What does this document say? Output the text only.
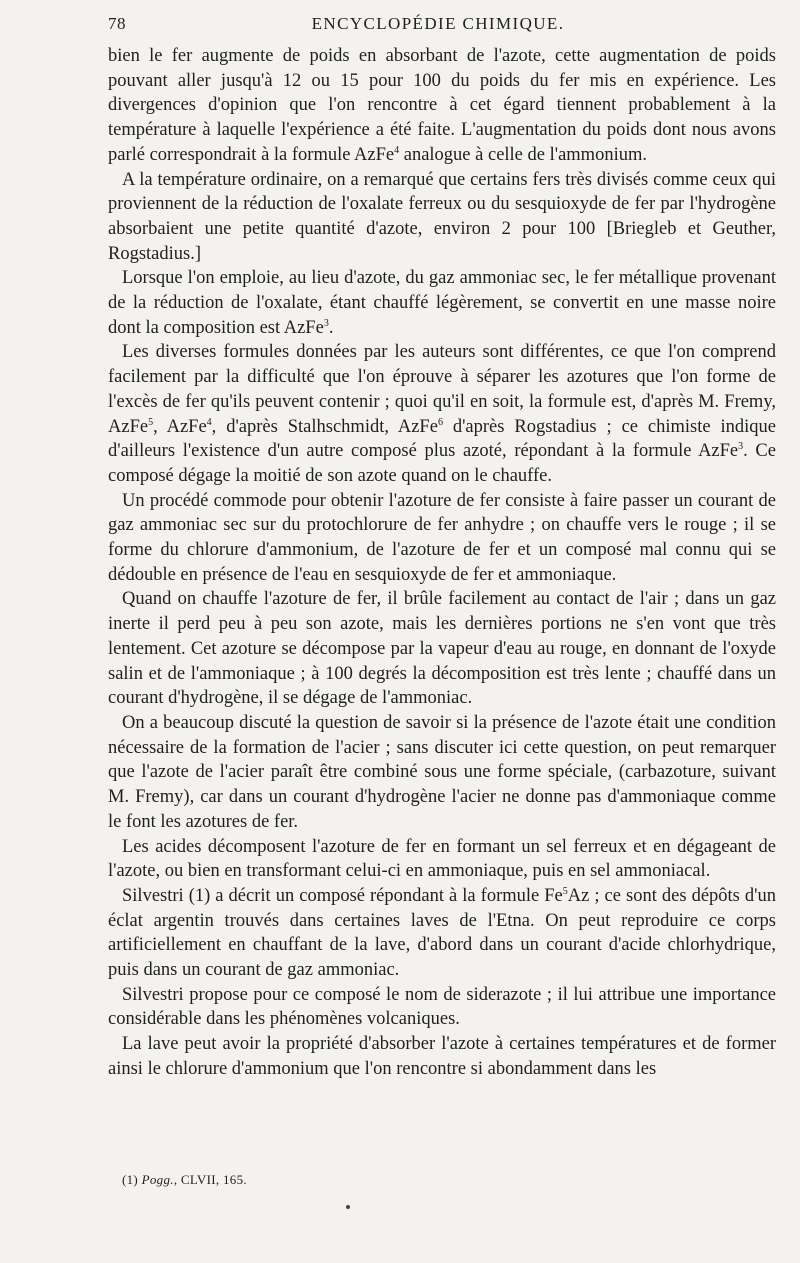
78	ENCYCLOPÉDIE CHIMIQUE.

bien le fer augmente de poids en absorbant de l'azote, cette augmentation de poids pouvant aller jusqu'à 12 ou 15 pour 100 du poids du fer mis en expérience. Les divergences d'opinion que l'on rencontre à cet égard tiennent probablement à la température à laquelle l'expérience a été faite. L'augmentation du poids dont nous avons parlé correspondrait à la formule AzFe$^4$ analogue à celle de l'ammonium.

A la température ordinaire, on a remarqué que certains fers très divisés comme ceux qui proviennent de la réduction de l'oxalate ferreux ou du sesquioxyde de fer par l'hydrogène absorbaient une petite quantité d'azote, environ 2 pour 100 [Briegleb et Geuther, Rogstadius.]

Lorsque l'on emploie, au lieu d'azote, du gaz ammoniac sec, le fer métallique provenant de la réduction de l'oxalate, étant chauffé légèrement, se convertit en une masse noire dont la composition est AzFe$^3$.

Les diverses formules données par les auteurs sont différentes, ce que l'on comprend facilement par la difficulté que l'on éprouve à séparer les azotures que l'on forme de l'excès de fer qu'ils peuvent contenir ; quoi qu'il en soit, la formule est, d'après M. Fremy, AzFe$^5$, AzFe$^4$, d'après Stalhschmidt, AzFe$^6$ d'après Rogstadius ; ce chimiste indique d'ailleurs l'existence d'un autre composé plus azoté, répondant à la formule AzFe$^3$. Ce composé dégage la moitié de son azote quand on le chauffe.

Un procédé commode pour obtenir l'azoture de fer consiste à faire passer un courant de gaz ammoniac sec sur du protochlorure de fer anhydre ; on chauffe vers le rouge ; il se forme du chlorure d'ammonium, de l'azoture de fer et un composé mal connu qui se dédouble en présence de l'eau en sesquioxyde de fer et ammoniaque.

Quand on chauffe l'azoture de fer, il brûle facilement au contact de l'air ; dans un gaz inerte il perd peu à peu son azote, mais les dernières portions ne s'en vont que très lentement. Cet azoture se décompose par la vapeur d'eau au rouge, en donnant de l'oxyde salin et de l'ammoniaque ; à 100 degrés la décomposition est très lente ; chauffé dans un courant d'hydrogène, il se dégage de l'ammoniac.

On a beaucoup discuté la question de savoir si la présence de l'azote était une condition nécessaire de la formation de l'acier ; sans discuter ici cette question, on peut remarquer que l'azote de l'acier paraît être combiné sous une forme spéciale, (carbazoture, suivant M. Fremy), car dans un courant d'hydrogène l'acier ne donne pas d'ammoniaque comme le font les azotures de fer.

Les acides décomposent l'azoture de fer en formant un sel ferreux et en dégageant de l'azote, ou bien en transformant celui-ci en ammoniaque, puis en sel ammoniacal.

Silvestri (1) a décrit un composé répondant à la formule Fe$^5$Az ; ce sont des dépôts d'un éclat argentin trouvés dans certaines laves de l'Etna. On peut reproduire ce corps artificiellement en chauffant de la lave, d'abord dans un courant d'acide chlorhydrique, puis dans un courant de gaz ammoniac.

Silvestri propose pour ce composé le nom de siderazote ; il lui attribue une importance considérable dans les phénomènes volcaniques.

La lave peut avoir la propriété d'absorber l'azote à certaines températures et de former ainsi le chlorure d'ammonium que l'on rencontre si abondamment dans les

(1) Pogg., CLVII, 165.
